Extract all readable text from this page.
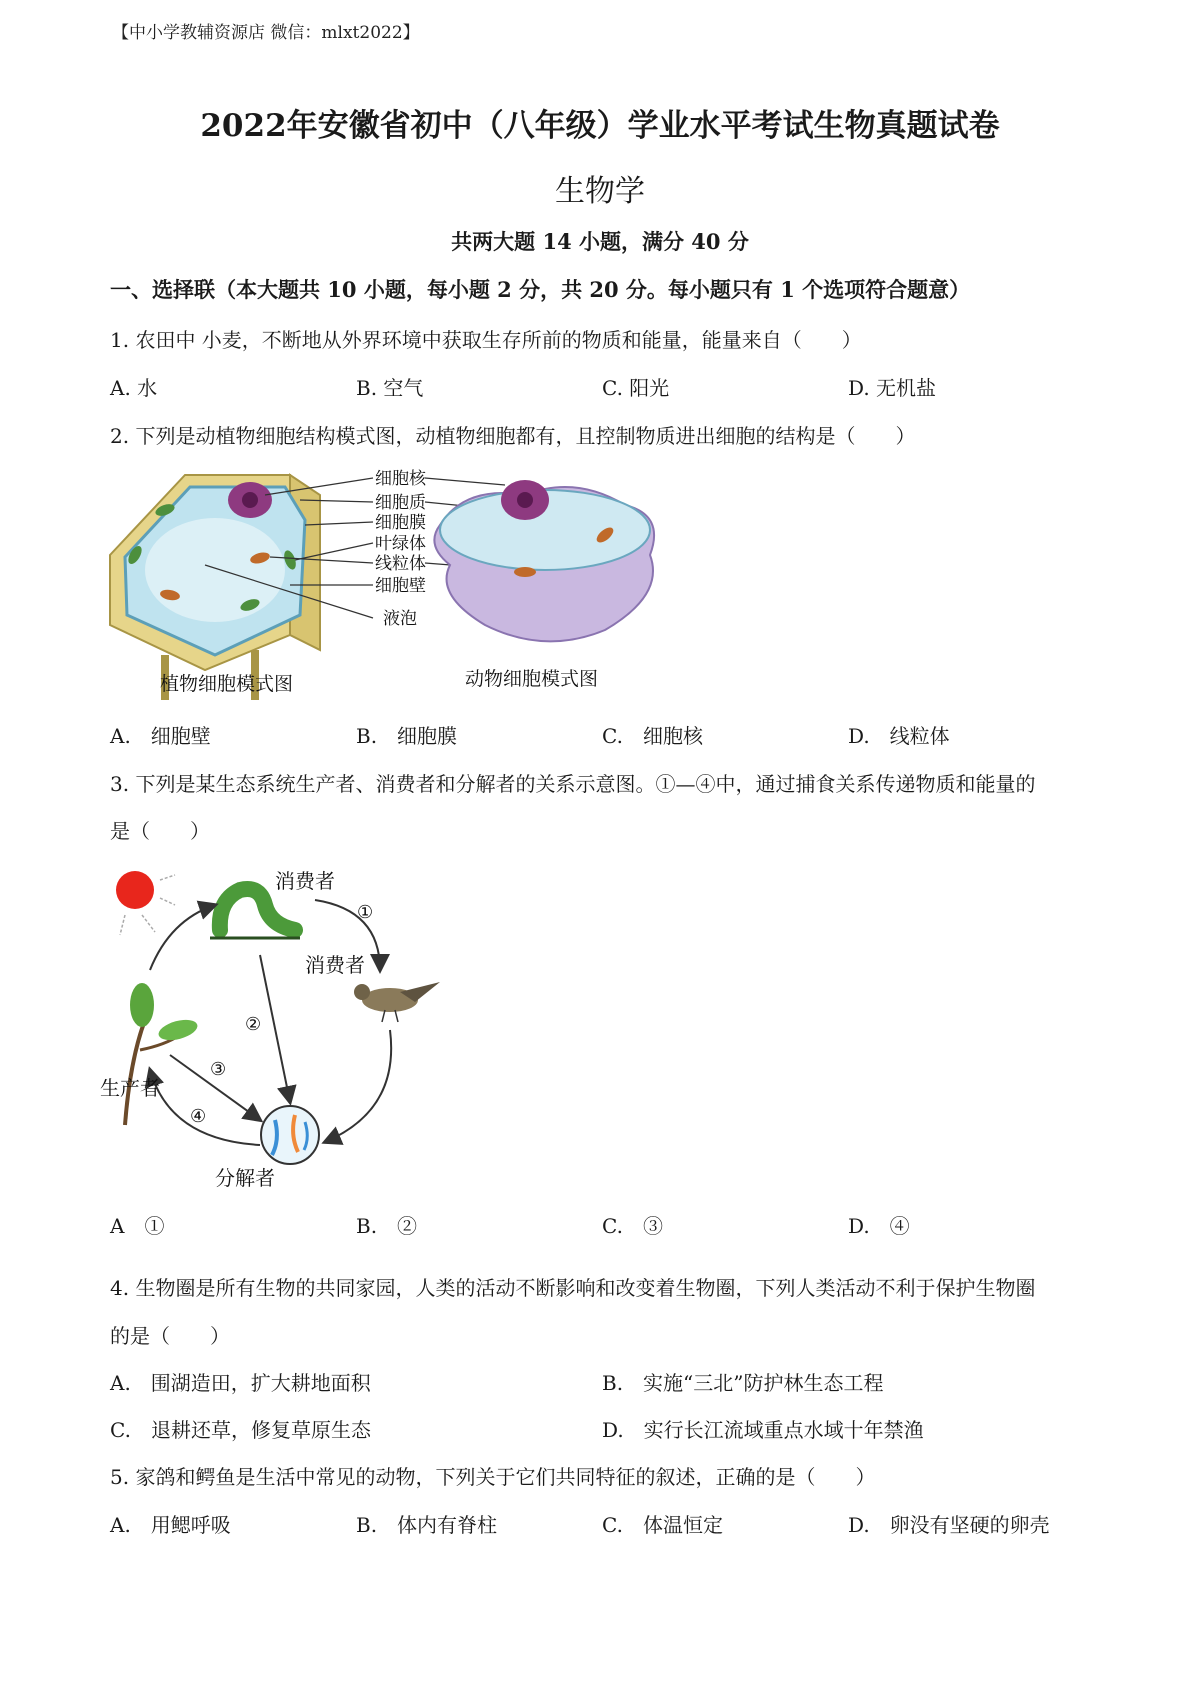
【中小学教辅资源店 微信：mlxt2022】
2022年安徽省初中（八年级）学业水平考试生物真题试卷
生物学
共两大题 14 小题，满分 40 分
一、选择联（本大题共 10 小题，每小题 2 分，共 20 分。每小题只有 1 个选项符合题意）
1. 农田中 小麦，不断地从外界环境中获取生存所前的物质和能量，能量来自（　　）
A. 水	B. 空气	C. 阳光	D. 无机盐
2. 下列是动植物细胞结构模式图，动植物细胞都有，且控制物质进出细胞的结构是（　　）
细胞核
细胞质
细胞膜
叶绿体
线粒体
细胞壁
液泡
植物细胞模式图	动物细胞模式图
A.　细胞壁	B.　细胞膜	C.　细胞核	D.　线粒体
3. 下列是某生态系统生产者、消费者和分解者的关系示意图。①—④中，通过捕食关系传递物质和能量的
是（　　）
消费者
消费者
生产者
分解者
①
②
③
④
A　①	B.　②	C.　③	D.　④
4. 生物圈是所有生物的共同家园，人类的活动不断影响和改变着生物圈，下列人类活动不利于保护生物圈
的是（　　）
A.　围湖造田，扩大耕地面积	B.　实施“三北”防护林生态工程
C.　退耕还草，修复草原生态	D.　实行长江流域重点水域十年禁渔
5. 家鸽和鳄鱼是生活中常见的动物，下列关于它们共同特征的叙述，正确的是（　　）
A.　用鳃呼吸	B.　体内有脊柱	C.　体温恒定	D.　卵没有坚硬的卵壳
